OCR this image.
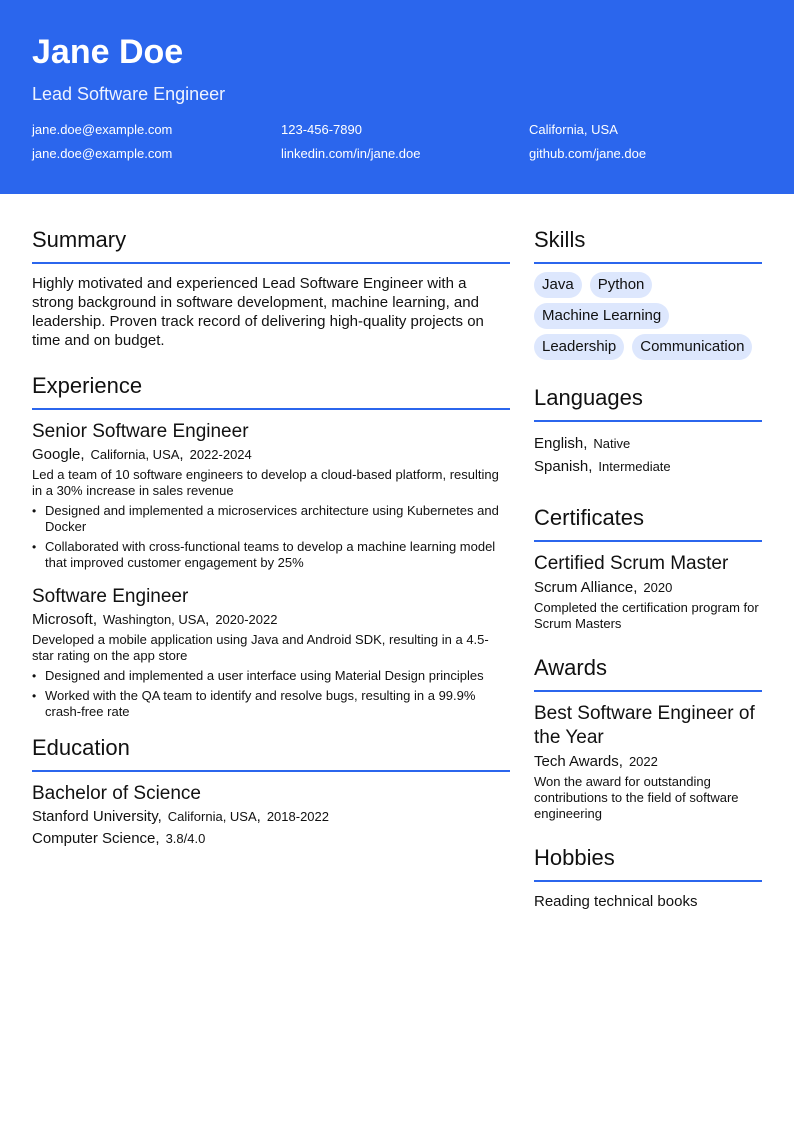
Jane Doe
Lead Software Engineer
jane.doe@example.com	123-456-7890	California, USA
jane.doe@example.com	linkedin.com/in/jane.doe	github.com/jane.doe
Summary
Highly motivated and experienced Lead Software Engineer with a strong background in software development, machine learning, and leadership. Proven track record of delivering high-quality projects on time and on budget.
Experience
Senior Software Engineer
Google, California, USA, 2022-2024
Led a team of 10 software engineers to develop a cloud-based platform, resulting in a 30% increase in sales revenue
• Designed and implemented a microservices architecture using Kubernetes and Docker
• Collaborated with cross-functional teams to develop a machine learning model that improved customer engagement by 25%
Software Engineer
Microsoft, Washington, USA, 2020-2022
Developed a mobile application using Java and Android SDK, resulting in a 4.5-star rating on the app store
• Designed and implemented a user interface using Material Design principles
• Worked with the QA team to identify and resolve bugs, resulting in a 99.9% crash-free rate
Education
Bachelor of Science
Stanford University, California, USA, 2018-2022
Computer Science, 3.8/4.0
Skills
Java	Python
Machine Learning
Leadership	Communication
Languages
English, Native
Spanish, Intermediate
Certificates
Certified Scrum Master
Scrum Alliance, 2020
Completed the certification program for Scrum Masters
Awards
Best Software Engineer of the Year
Tech Awards, 2022
Won the award for outstanding contributions to the field of software engineering
Hobbies
Reading technical books
